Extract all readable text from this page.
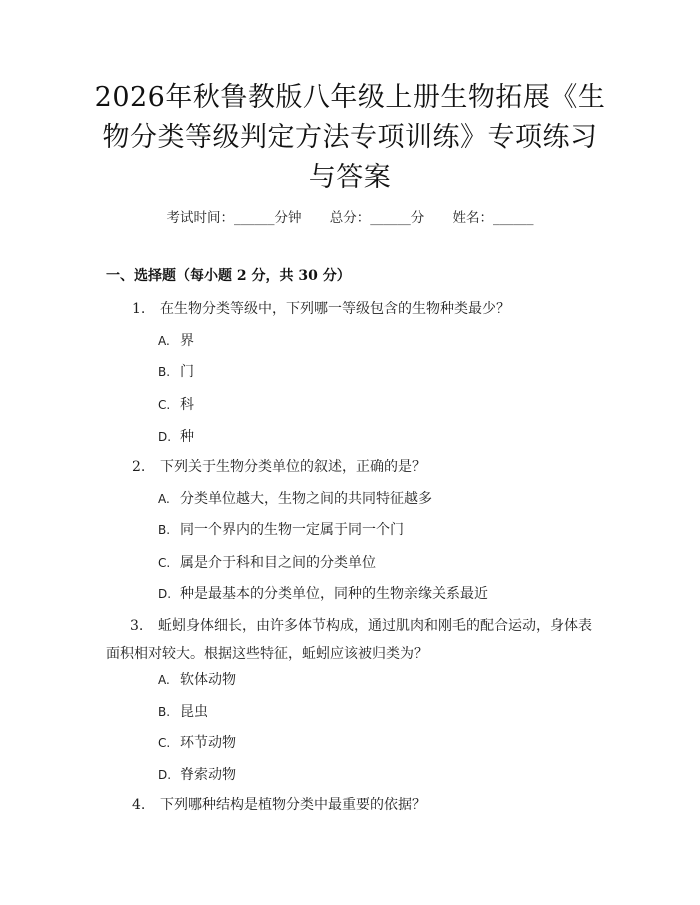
2026年秋鲁教版八年级上册生物拓展《生物分类等级判定方法专项训练》专项练习与答案
考试时间：______分钟 总分：______分 姓名：______
一、选择题（每小题 2 分，共 30 分）
1. 在生物分类等级中，下列哪一等级包含的生物种类最少？
A. 界
B. 门
C. 科
D. 种
2. 下列关于生物分类单位的叙述，正确的是？
A. 分类单位越大，生物之间的共同特征越多
B. 同一个界内的生物一定属于同一个门
C. 属是介于科和目之间的分类单位
D. 种是最基本的分类单位，同种的生物亲缘关系最近
3. 蚯蚓身体细长，由许多体节构成，通过肌肉和刚毛的配合运动，身体表面积相对较大。根据这些特征，蚯蚓应该被归类为？
A. 软体动物
B. 昆虫
C. 环节动物
D. 脊索动物
4. 下列哪种结构是植物分类中最重要的依据？
